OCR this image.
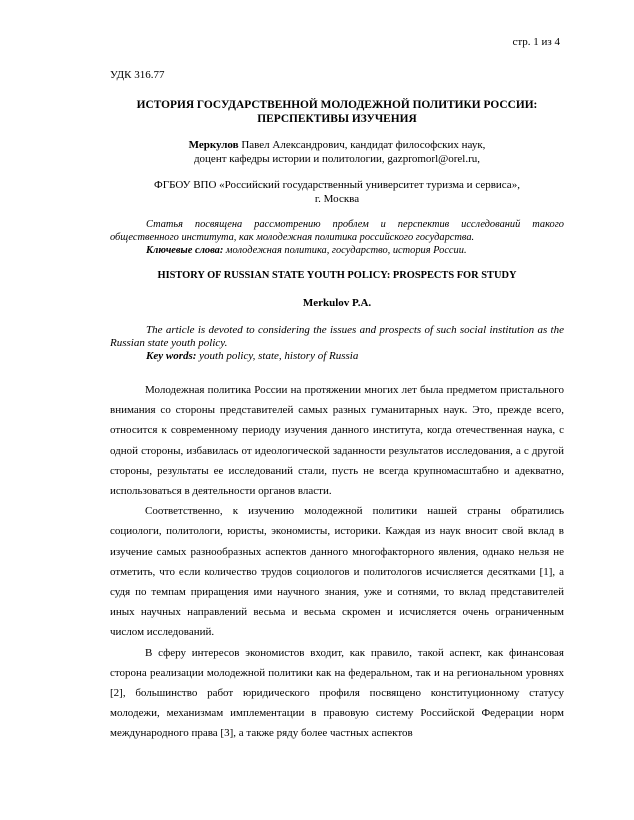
стр. 1 из 4
УДК 316.77
ИСТОРИЯ ГОСУДАРСТВЕННОЙ МОЛОДЕЖНОЙ ПОЛИТИКИ РОССИИ:
ПЕРСПЕКТИВЫ ИЗУЧЕНИЯ
Меркулов Павел Александрович, кандидат философских наук,
доцент кафедры истории и политологии, gazpromorl@orel.ru,
ФГБОУ ВПО «Российский государственный университет туризма и сервиса»,
г. Москва

Статья посвящена рассмотрению проблем и перспектив исследований такого общественного института, как молодежная политика российского государства.

Ключевые слова: молодежная политика, государство, история России.

HISTORY OF RUSSIAN STATE YOUTH POLICY: PROSPECTS FOR STUDY
Merkulov P.A.

The article is devoted to considering the issues and prospects of such social institution as the Russian state youth policy.

Key words: youth policy, state, history of Russia

Молодежная политика России на протяжении многих лет была предметом пристального внимания со стороны представителей самых разных гуманитарных наук. Это, прежде всего, относится к современному периоду изучения данного института, когда отечественная наука, с одной стороны, избавилась от идеологической заданности результатов исследования, а с другой стороны, результаты ее исследований стали, пусть не всегда крупномасштабно и адекватно, использоваться в деятельности органов власти.

Соответственно, к изучению молодежной политики нашей страны обратились социологи, политологи, юристы, экономисты, историки. Каждая из наук вносит свой вклад в изучение самых разнообразных аспектов данного многофакторного явления, однако нельзя не отметить, что если количество трудов социологов и политологов исчисляется десятками [1], а судя по темпам приращения ими научного знания, уже и сотнями, то вклад представителей иных научных направлений весьма и весьма скромен и исчисляется очень ограниченным числом исследований.

В сферу интересов экономистов входит, как правило, такой аспект, как финансовая сторона реализации молодежной политики как на федеральном, так и на региональном уровнях [2], большинство работ юридического профиля посвящено конституционному статусу молодежи, механизмам имплементации в правовую систему Российской Федерации норм международного права [3], а также ряду более частных аспектов
